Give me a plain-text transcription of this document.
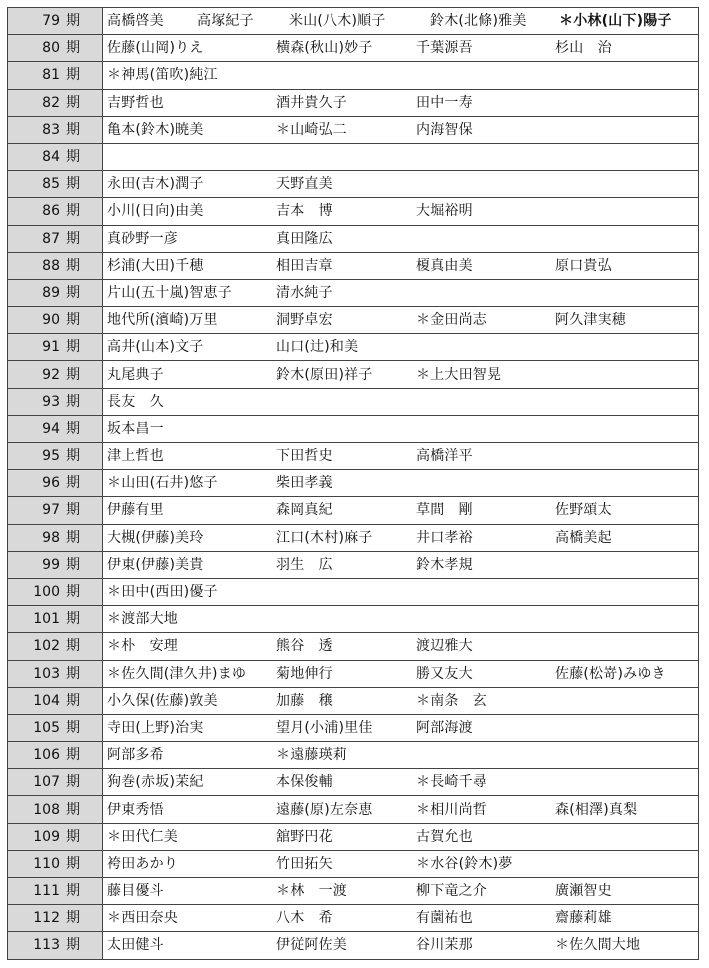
79 期	高橋啓美 高塚紀子 米山(八木)順子 鈴木(北條)雅美 ＊小林(山下)陽子

80 期	佐藤(山岡)りえ 横森(秋山)妙子 千葉源吾 杉山　治

81 期	＊神馬(笛吹)純江

82 期	吉野哲也 酒井貴久子 田中一寿

83 期	亀本(鈴木)暁美 ＊山崎弘二 内海智保

84 期	

85 期	永田(吉木)潤子 天野直美

86 期	小川(日向)由美 吉本　博 大堀裕明

87 期	真砂野一彦 真田隆広

88 期	杉浦(大田)千穂 相田吉章 榎真由美 原口貴弘

89 期	片山(五十嵐)智恵子 清水純子

90 期	地代所(濱崎)万里 洞野卓宏 ＊金田尚志 阿久津実穂

91 期	高井(山本)文子 山口(辻)和美

92 期	丸尾典子 鈴木(原田)祥子 ＊上大田智晃

93 期	長友　久

94 期	坂本昌一

95 期	津上哲也 下田哲史 高橋洋平

96 期	＊山田(石井)悠子 柴田孝義

97 期	伊藤有里 森岡真紀 草間　剛 佐野頌太

98 期	大槻(伊藤)美玲 江口(木村)麻子 井口孝裕 高橋美起

99 期	伊東(伊藤)美貴 羽生　広 鈴木孝規

100 期	＊田中(西田)優子

101 期	＊渡部大地

102 期	＊朴　安理 熊谷　透 渡辺雅大

103 期	＊佐久間(津久井)まゆ 菊地伸行 勝又友大 佐藤(松嵜)みゆき

104 期	小久保(佐藤)敦美 加藤　穣 ＊南条　玄

105 期	寺田(上野)治実 望月(小浦)里佳 阿部海渡

106 期	阿部多希 ＊遠藤瑛莉

107 期	狗巻(赤坂)茉紀 本保俊輔 ＊長崎千尋

108 期	伊東秀悟 遠藤(原)左奈恵 ＊相川尚哲 森(相澤)真梨

109 期	＊田代仁美 舘野円花 古賀允也

110 期	袴田あかり 竹田拓矢 ＊水谷(鈴木)夢

111 期	藤目優斗 ＊林　一渡 柳下竜之介 廣瀬智史

112 期	＊西田奈央 八木　希 有薗祐也 齋藤莉雄

113 期	太田健斗 伊従阿佐美 谷川茉那 ＊佐久間大地
